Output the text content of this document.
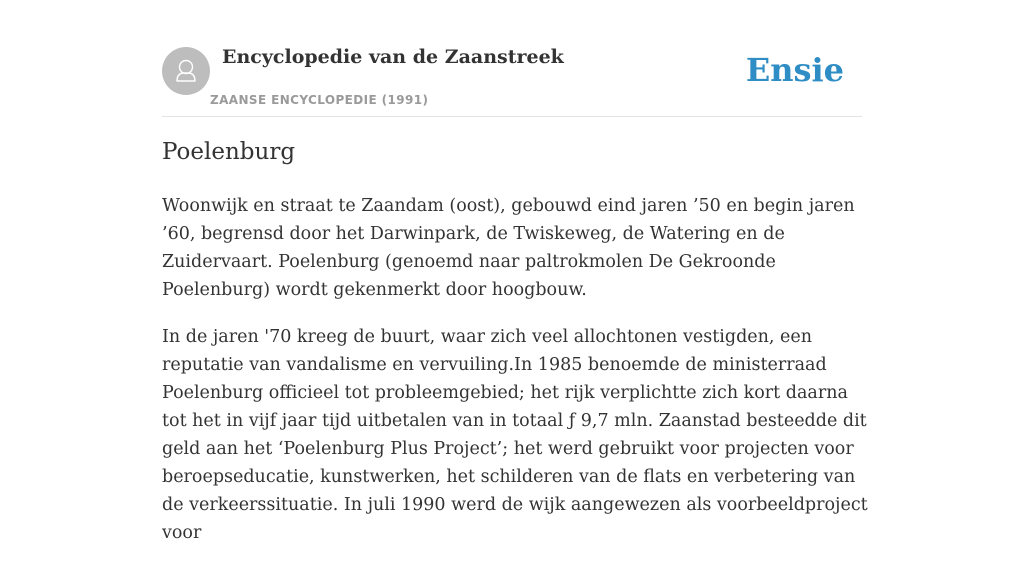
Encyclopedie van de Zaanstreek
ZAANSE ENCYCLOPEDIE (1991)
Ensie
Poelenburg

Woonwijk en straat te Zaandam (oost), gebouwd eind jaren ’50 en begin jaren ’60, begrensd door het Darwinpark, de Twiskeweg, de Watering en de Zuidervaart. Poelenburg (genoemd naar paltrokmolen De Gekroonde Poelenburg) wordt gekenmerkt door hoogbouw.

In de jaren '70 kreeg de buurt, waar zich veel allochtonen vestigden, een reputatie van vandalisme en vervuiling.In 1985 benoemde de ministerraad Poelenburg officieel tot probleemgebied; het rijk verplichtte zich kort daarna tot het in vijf jaar tijd uitbetalen van in totaal ƒ 9,7 mln. Zaanstad besteedde dit geld aan het ‘Poelenburg Plus Project’; het werd gebruikt voor projecten voor beroepseducatie, kunstwerken, het schilderen van de flats en verbetering van de verkeerssituatie. In juli 1990 werd de wijk aangewezen als voorbeeldproject voor
